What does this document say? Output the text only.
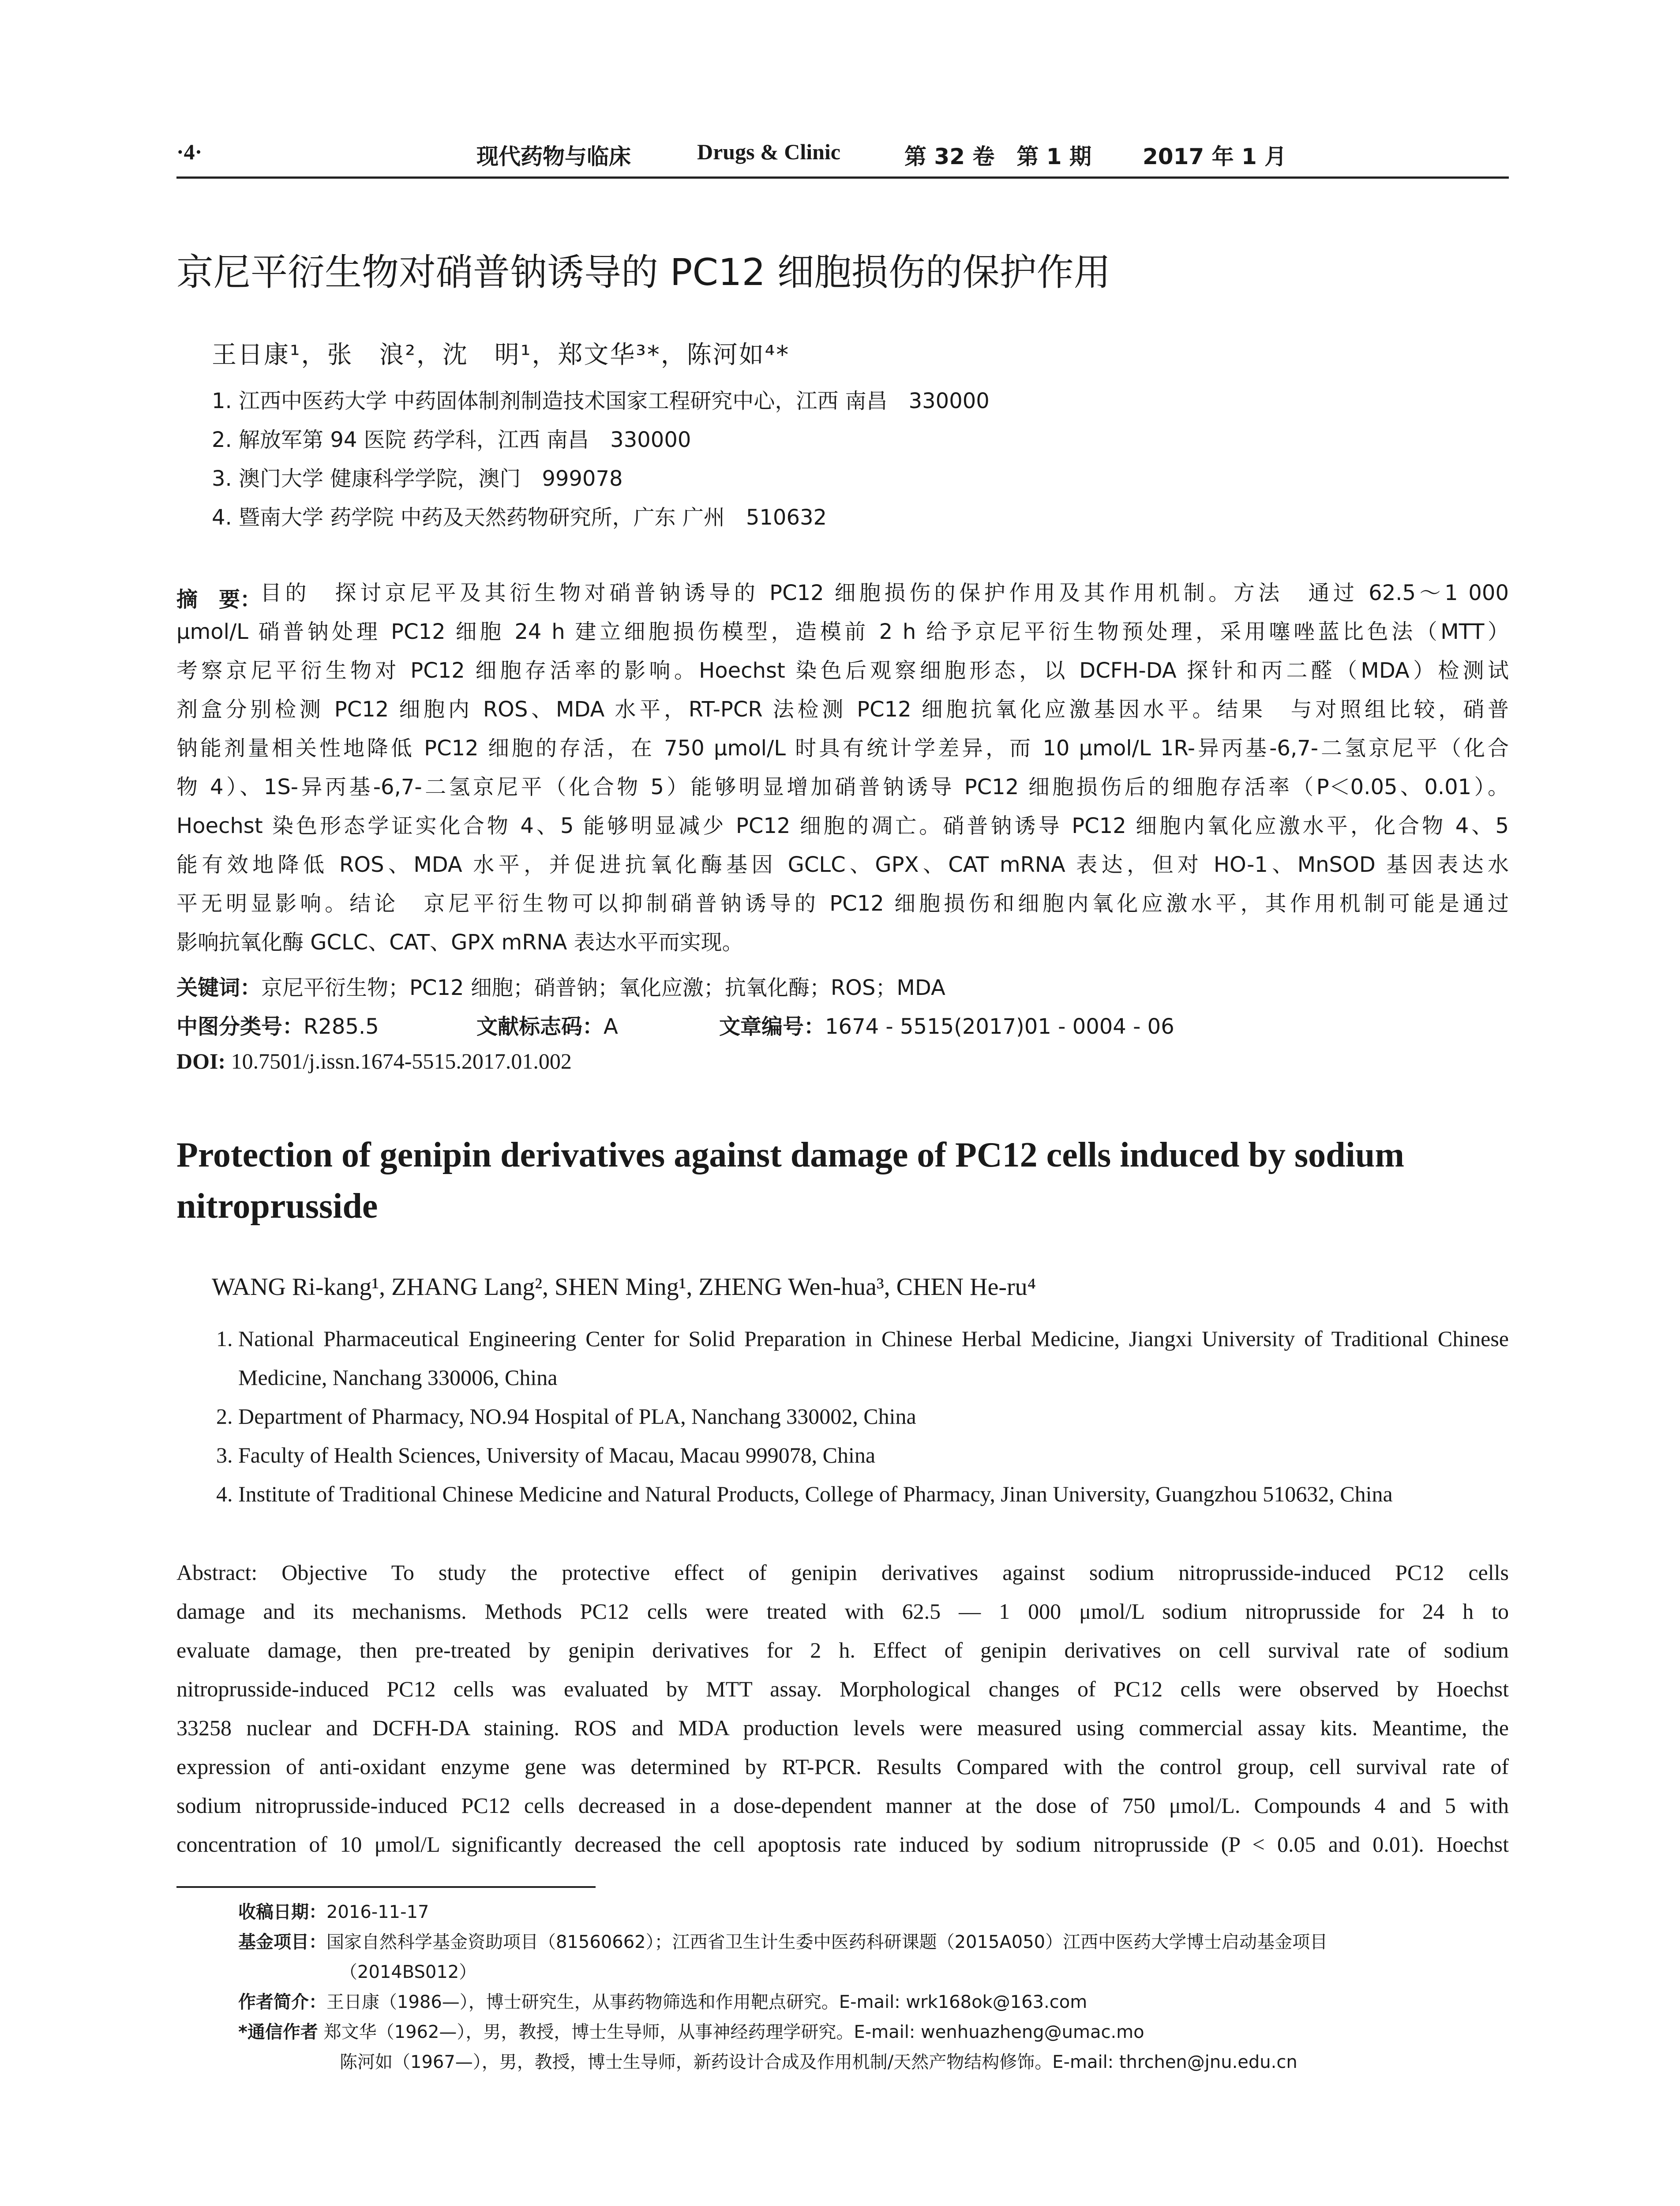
·4·	现代药物与临床	Drugs & Clinic	第 32 卷　第 1 期 2017 年 1 月
京尼平衍生物对硝普钠诱导的 PC12 细胞损伤的保护作用
王日康¹，张　浪²，沈　明¹，郑文华³*，陈河如⁴*
1. 江西中医药大学 中药固体制剂制造技术国家工程研究中心，江西 南昌　330000
2. 解放军第 94 医院 药学科，江西 南昌　330000
3. 澳门大学 健康科学学院，澳门　999078
4. 暨南大学 药学院 中药及天然药物研究所，广东 广州　510632
摘　要：
目的　探讨京尼平及其衍生物对硝普钠诱导的 PC12 细胞损伤的保护作用及其作用机制。方法　通过 62.5～1 000
μmol/L 硝普钠处理 PC12 细胞 24 h 建立细胞损伤模型，造模前 2 h 给予京尼平衍生物预处理，采用噻唑蓝比色法（MTT）
考察京尼平衍生物对 PC12 细胞存活率的影响。Hoechst 染色后观察细胞形态，以 DCFH-DA 探针和丙二醛（MDA）检测试
剂盒分别检测 PC12 细胞内 ROS、MDA 水平，RT-PCR 法检测 PC12 细胞抗氧化应激基因水平。结果　与对照组比较，硝普
钠能剂量相关性地降低 PC12 细胞的存活，在 750 μmol/L 时具有统计学差异，而 10 μmol/L 1R-异丙基-6,7-二氢京尼平（化合
物 4）、1S-异丙基-6,7-二氢京尼平（化合物 5）能够明显增加硝普钠诱导 PC12 细胞损伤后的细胞存活率（P＜0.05、0.01）。
Hoechst 染色形态学证实化合物 4、5 能够明显减少 PC12 细胞的凋亡。硝普钠诱导 PC12 细胞内氧化应激水平，化合物 4、5
能有效地降低 ROS、MDA 水平，并促进抗氧化酶基因 GCLC、GPX、CAT mRNA 表达，但对 HO-1、MnSOD 基因表达水
平无明显影响。结论　京尼平衍生物可以抑制硝普钠诱导的 PC12 细胞损伤和细胞内氧化应激水平，其作用机制可能是通过
影响抗氧化酶 GCLC、CAT、GPX mRNA 表达水平而实现。
关键词：京尼平衍生物；PC12 细胞；硝普钠；氧化应激；抗氧化酶；ROS；MDA
中图分类号：R285.5	文献标志码：A	文章编号：1674 - 5515(2017)01 - 0004 - 06
DOI: 10.7501/j.issn.1674-5515.2017.01.002
Protection of genipin derivatives against damage of PC12 cells induced by sodium nitroprusside
WANG Ri-kang¹, ZHANG Lang², SHEN Ming¹, ZHENG Wen-hua³, CHEN He-ru⁴
1. National Pharmaceutical Engineering Center for Solid Preparation in Chinese Herbal Medicine, Jiangxi University of Traditional Chinese Medicine, Nanchang 330006, China
2. Department of Pharmacy, NO.94 Hospital of PLA, Nanchang 330002, China
3. Faculty of Health Sciences, University of Macau, Macau 999078, China
4. Institute of Traditional Chinese Medicine and Natural Products, College of Pharmacy, Jinan University, Guangzhou 510632, China
Abstract: Objective To study the protective effect of genipin derivatives against sodium nitroprusside-induced PC12 cells
damage and its mechanisms. Methods PC12 cells were treated with 62.5 — 1 000 μmol/L sodium nitroprusside for 24 h to
evaluate damage, then pre-treated by genipin derivatives for 2 h. Effect of genipin derivatives on cell survival rate of sodium
nitroprusside-induced PC12 cells was evaluated by MTT assay. Morphological changes of PC12 cells were observed by Hoechst
33258 nuclear and DCFH-DA staining. ROS and MDA production levels were measured using commercial assay kits. Meantime, the
expression of anti-oxidant enzyme gene was determined by RT-PCR. Results Compared with the control group, cell survival rate of
sodium nitroprusside-induced PC12 cells decreased in a dose-dependent manner at the dose of 750 μmol/L. Compounds 4 and 5 with
concentration of 10 μmol/L significantly decreased the cell apoptosis rate induced by sodium nitroprusside (P < 0.05 and 0.01). Hoechst
收稿日期：2016-11-17
基金项目：国家自然科学基金资助项目（81560662）；江西省卫生计生委中医药科研课题（2015A050）江西中医药大学博士启动基金项目
（2014BS012）
作者简介：王日康（1986—），博士研究生，从事药物筛选和作用靶点研究。E-mail: wrk168ok@163.com
*通信作者 郑文华（1962—），男，教授，博士生导师，从事神经药理学研究。E-mail: wenhuazheng@umac.mo
陈河如（1967—），男，教授，博士生导师，新药设计合成及作用机制/天然产物结构修饰。E-mail: thrchen@jnu.edu.cn
